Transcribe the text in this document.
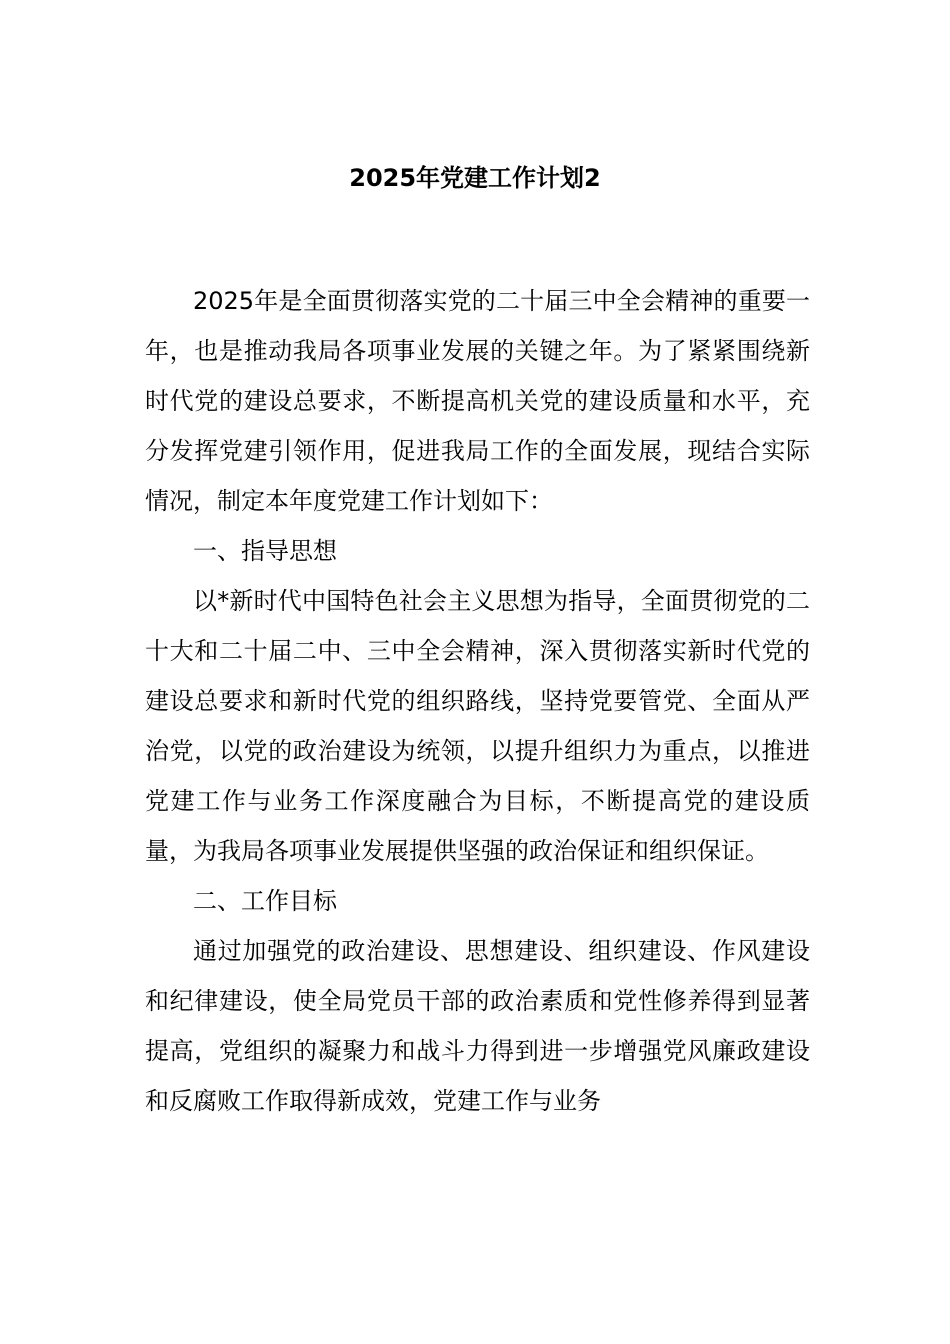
2025年党建工作计划2

2025年是全面贯彻落实党的二十届三中全会精神的重要一年，也是推动我局各项事业发展的关键之年。为了紧紧围绕新时代党的建设总要求，不断提高机关党的建设质量和水平，充分发挥党建引领作用，促进我局工作的全面发展，现结合实际情况，制定本年度党建工作计划如下：

一、指导思想

以*新时代中国特色社会主义思想为指导，全面贯彻党的二十大和二十届二中、三中全会精神，深入贯彻落实新时代党的建设总要求和新时代党的组织路线，坚持党要管党、全面从严治党，以党的政治建设为统领，以提升组织力为重点，以推进党建工作与业务工作深度融合为目标，不断提高党的建设质量，为我局各项事业发展提供坚强的政治保证和组织保证。

二、工作目标

通过加强党的政治建设、思想建设、组织建设、作风建设和纪律建设，使全局党员干部的政治素质和党性修养得到显著提高，党组织的凝聚力和战斗力得到进一步增强党风廉政建设和反腐败工作取得新成效，党建工作与业务
